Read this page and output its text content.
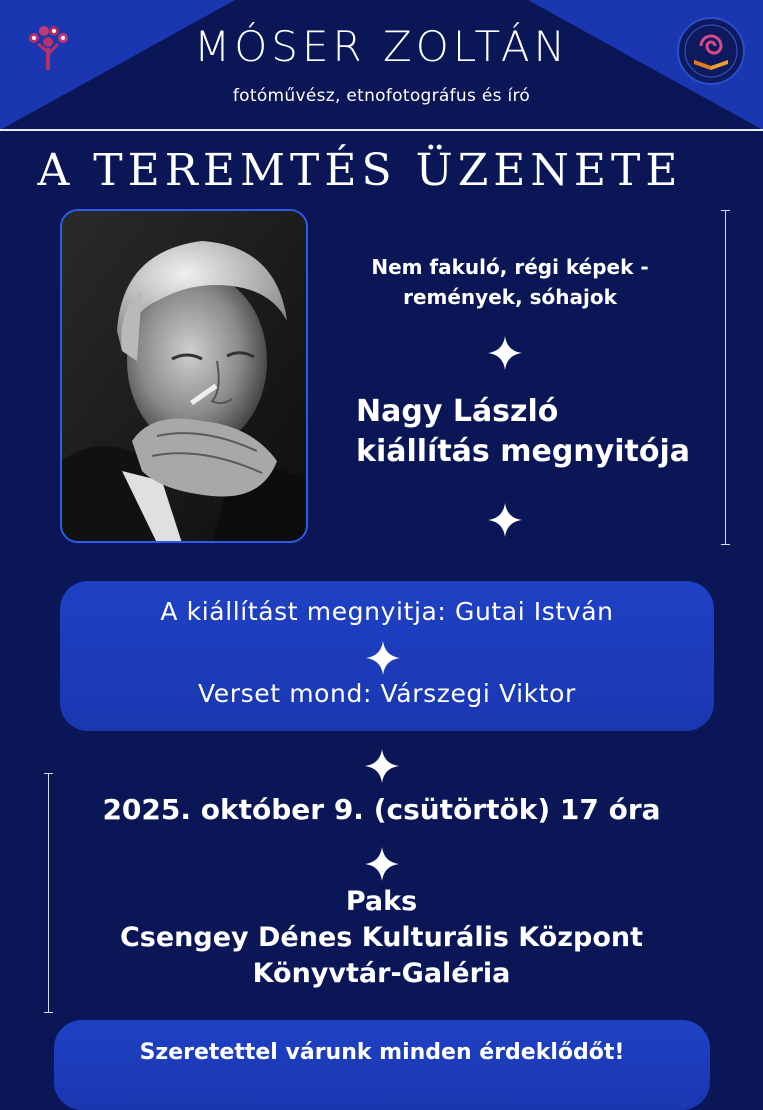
MÓSER ZOLTÁN
fotóművész, etnofotográfus és író
A TEREMTÉS ÜZENETE
Nem fakuló, régi képek -
remények, sóhajok
Nagy László
kiállítás megnyitója
A kiállítást megnyitja: Gutai István
Verset mond: Várszegi Viktor
2025. október 9. (csütörtök) 17 óra
Paks
Csengey Dénes Kulturális Központ
Könyvtár-Galéria
Szeretettel várunk minden érdeklődőt!
